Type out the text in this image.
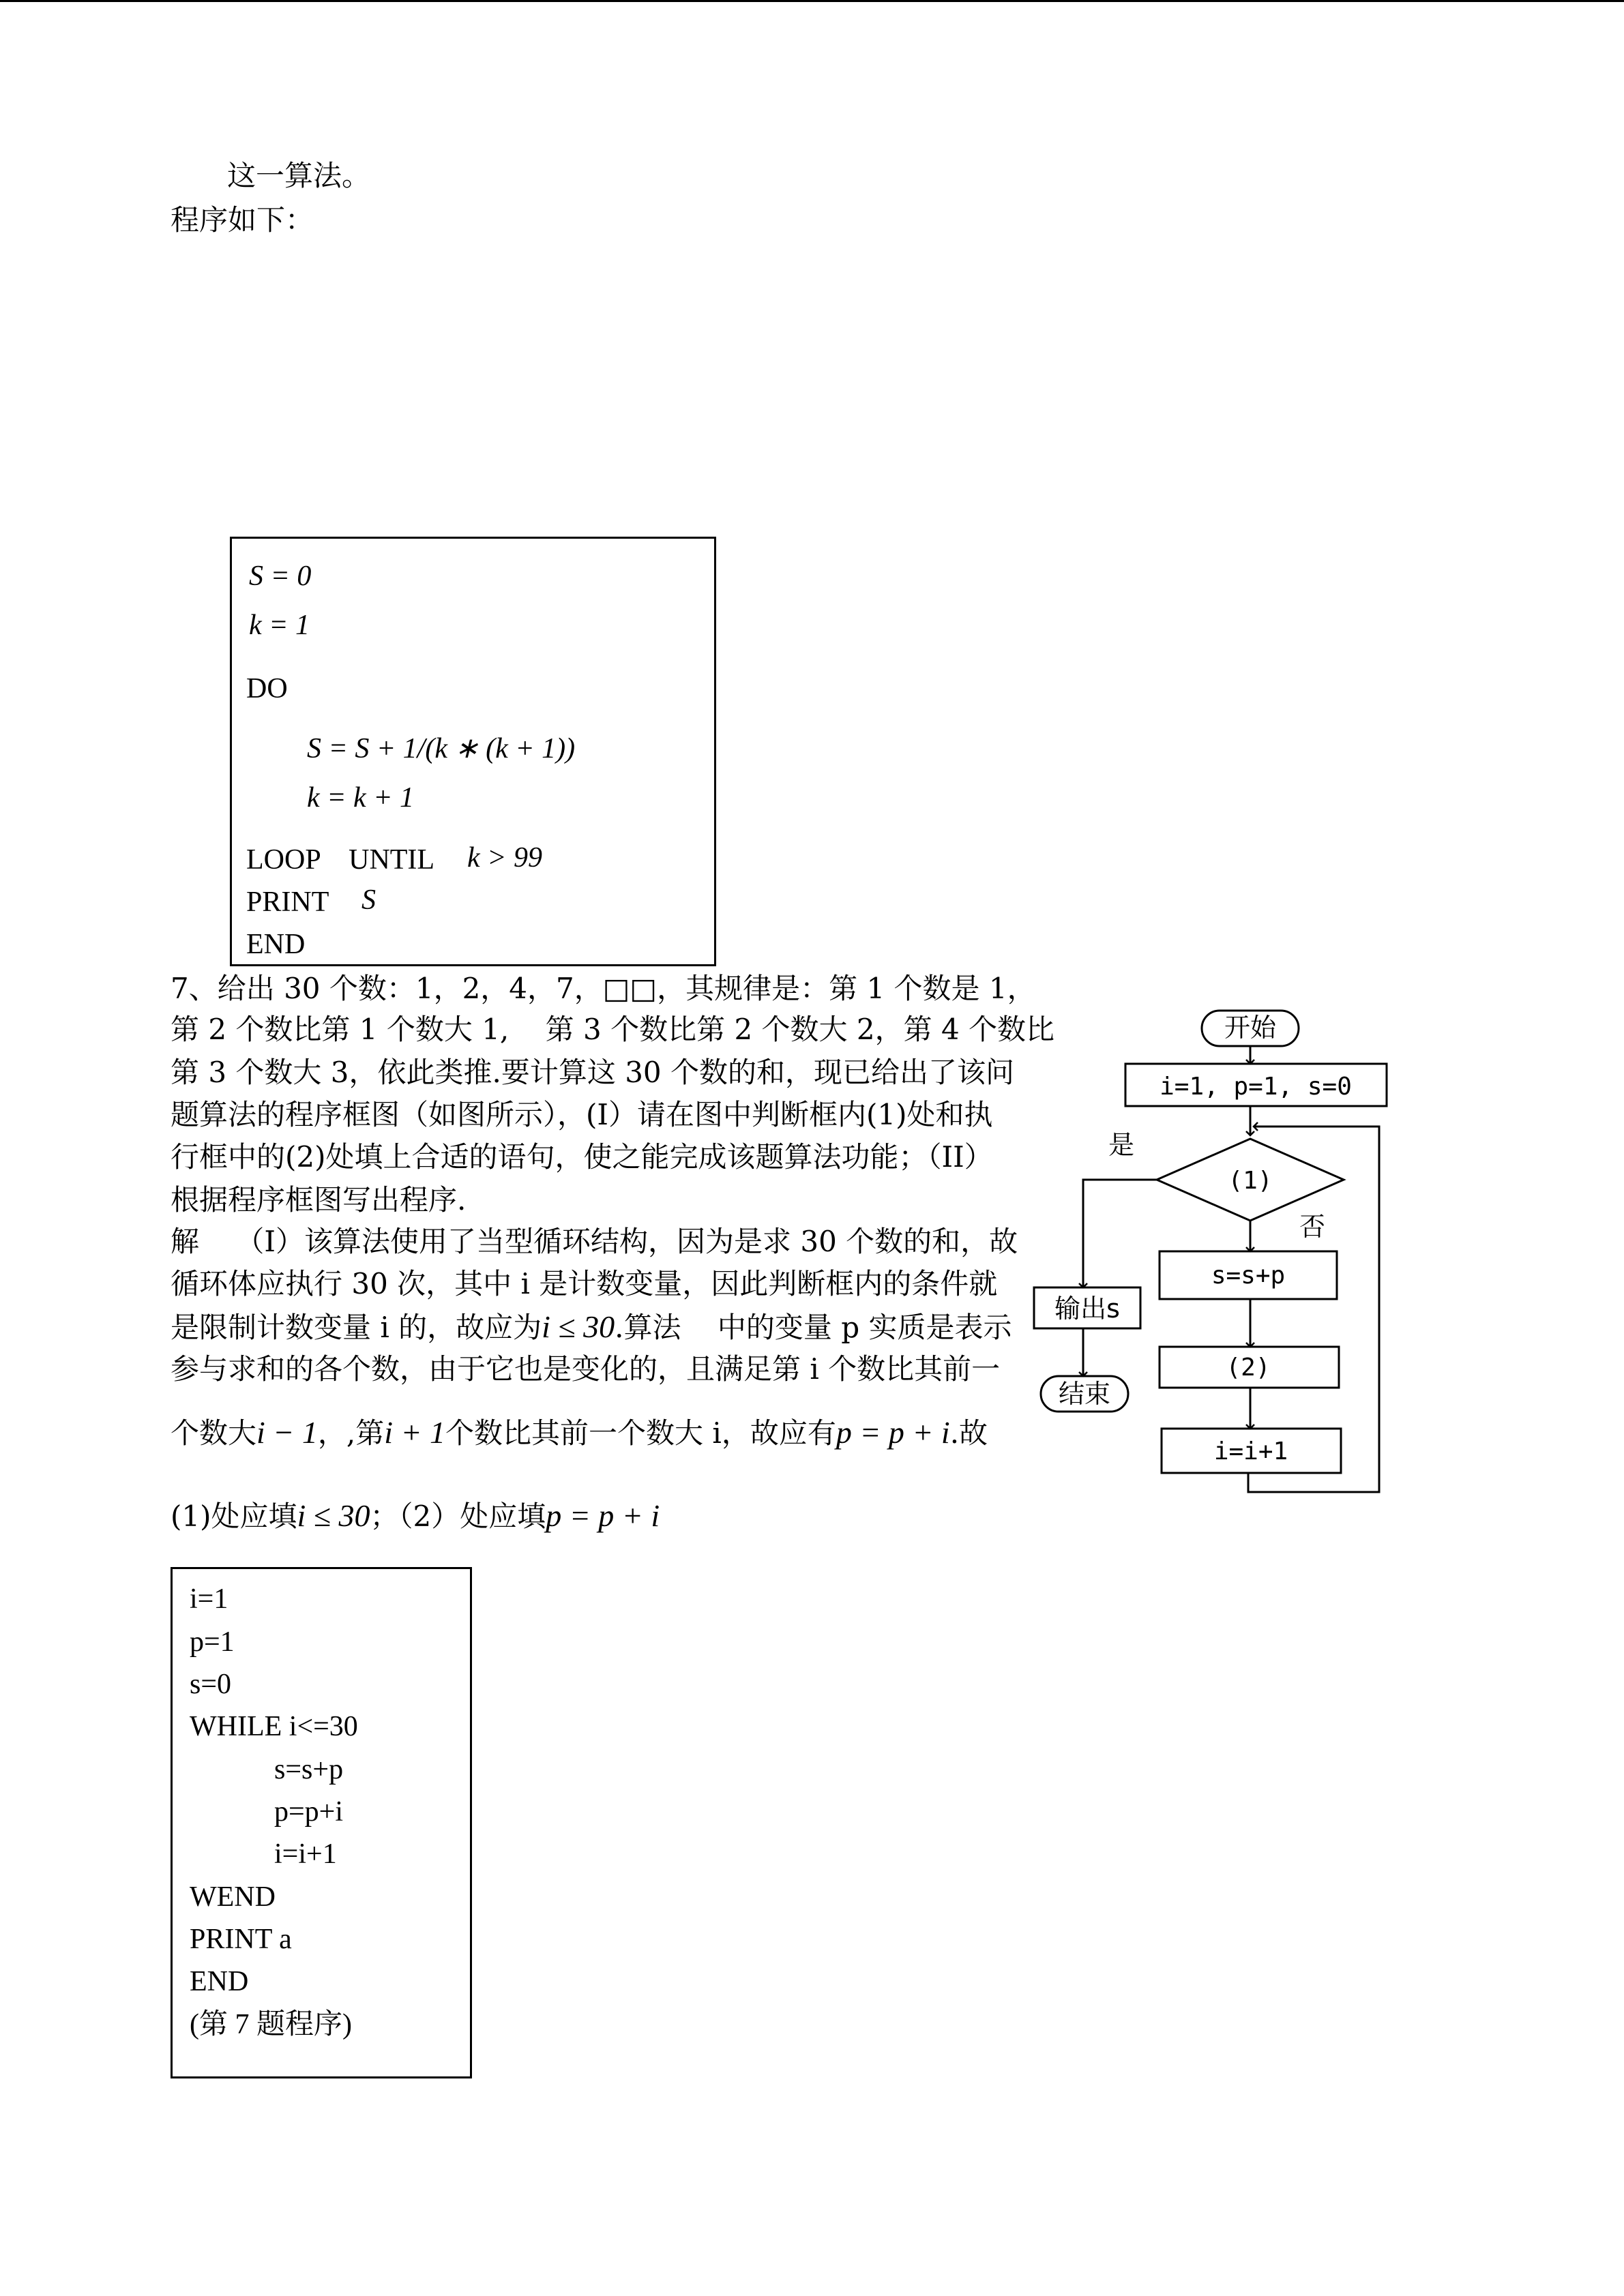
这一算法。
程序如下：
S = 0
k = 1
DO
S = S + 1/(k ∗ (k + 1))
k = k + 1
LOOP    UNTIL k > 99
PRINT S
END
7、给出 30 个数：1，2，4，7，□□，其规律是：第 1 个数是 1，
第 2 个数比第 1 个数大 1,    第 3 个数比第 2 个数大 2，第 4 个数比
第 3 个数大 3，依此类推.要计算这 30 个数的和，现已给出了该问
题算法的程序框图（如图所示），(I）请在图中判断框内(1)处和执
行框中的(2)处填上合适的语句，使之能完成该题算法功能；（II）
根据程序框图写出程序.
解    （I）该算法使用了当型循环结构，因为是求 30 个数的和，故
循环体应执行 30 次，其中 i 是计数变量，因此判断框内的条件就
是限制计数变量 i 的，故应为i ≤ 30.算法    中的变量 p 实质是表示
参与求和的各个数，由于它也是变化的，且满足第 i 个数比其前一
个数大i − 1，,第i + 1个数比其前一个数大 i，故应有p = p + i.故
(1)处应填i ≤ 30；（2）处应填p = p + i
i=1
p=1
s=0
WHILE i<=30
s=s+p
p=p+i
i=i+1
WEND
PRINT a
END
(第 7 题程序)
开始
i=1, p=1, s=0
(1)
是
否
s=s+p
(2)
i=i+1
输出s
结束
